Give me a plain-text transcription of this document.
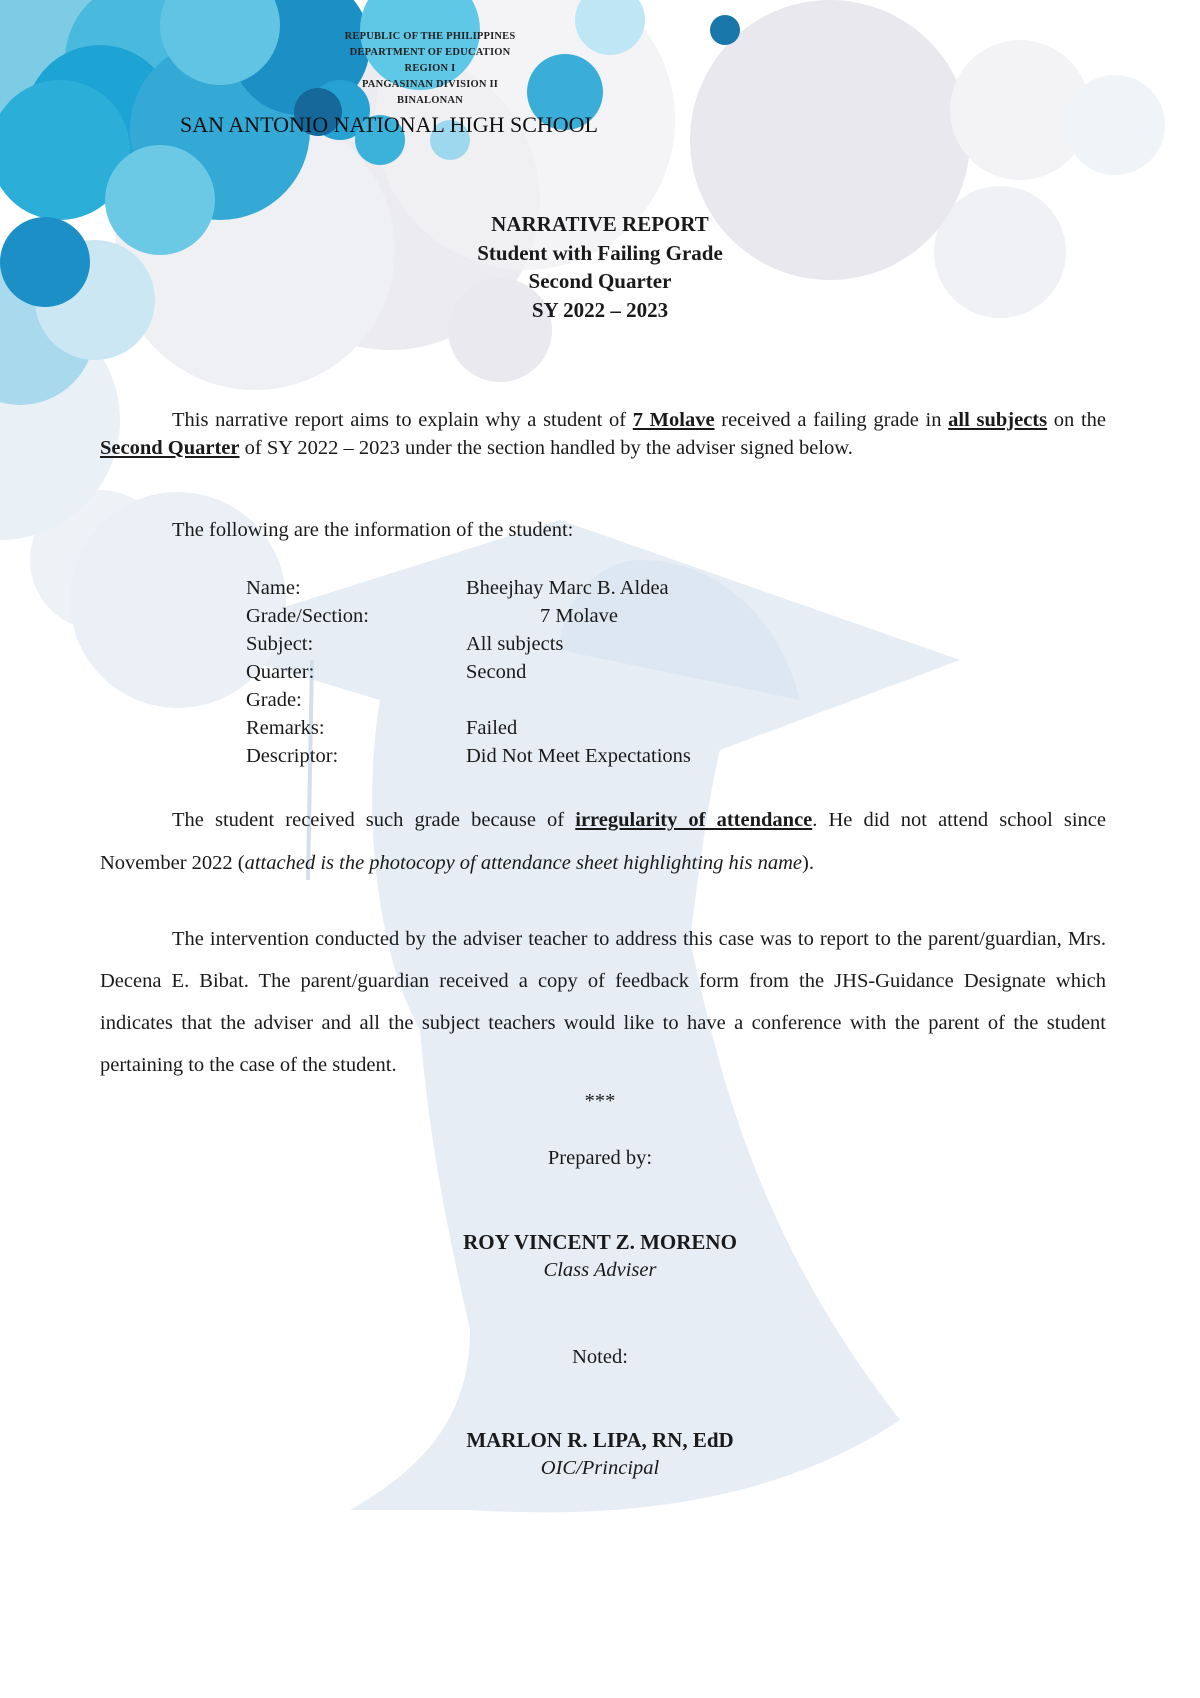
REPUBLIC OF THE PHILIPPINES
DEPARTMENT OF EDUCATION
REGION I
PANGASINAN DIVISION II
BINALONAN
SAN ANTONIO NATIONAL HIGH SCHOOL
NARRATIVE REPORT
Student with Failing Grade
Second Quarter
SY 2022 – 2023
This narrative report aims to explain why a student of 7 Molave received a failing grade in all subjects on the Second Quarter of SY 2022 – 2023 under the section handled by the adviser signed below.
The following are the information of the student:
Name:	Bheejhay Marc B. Aldea
Grade/Section:	7 Molave
Subject:	All subjects
Quarter:	Second
Grade:
Remarks:	Failed
Descriptor:	Did Not Meet Expectations
The student received such grade because of irregularity of attendance. He did not attend school since November 2022 (attached is the photocopy of attendance sheet highlighting his name).
The intervention conducted by the adviser teacher to address this case was to report to the parent/guardian, Mrs. Decena E. Bibat. The parent/guardian received a copy of feedback form from the JHS-Guidance Designate which indicates that the adviser and all the subject teachers would like to have a conference with the parent of the student pertaining to the case of the student.
***
Prepared by:
ROY VINCENT Z. MORENO
Class Adviser
Noted:
MARLON R. LIPA, RN, EdD
OIC/Principal
